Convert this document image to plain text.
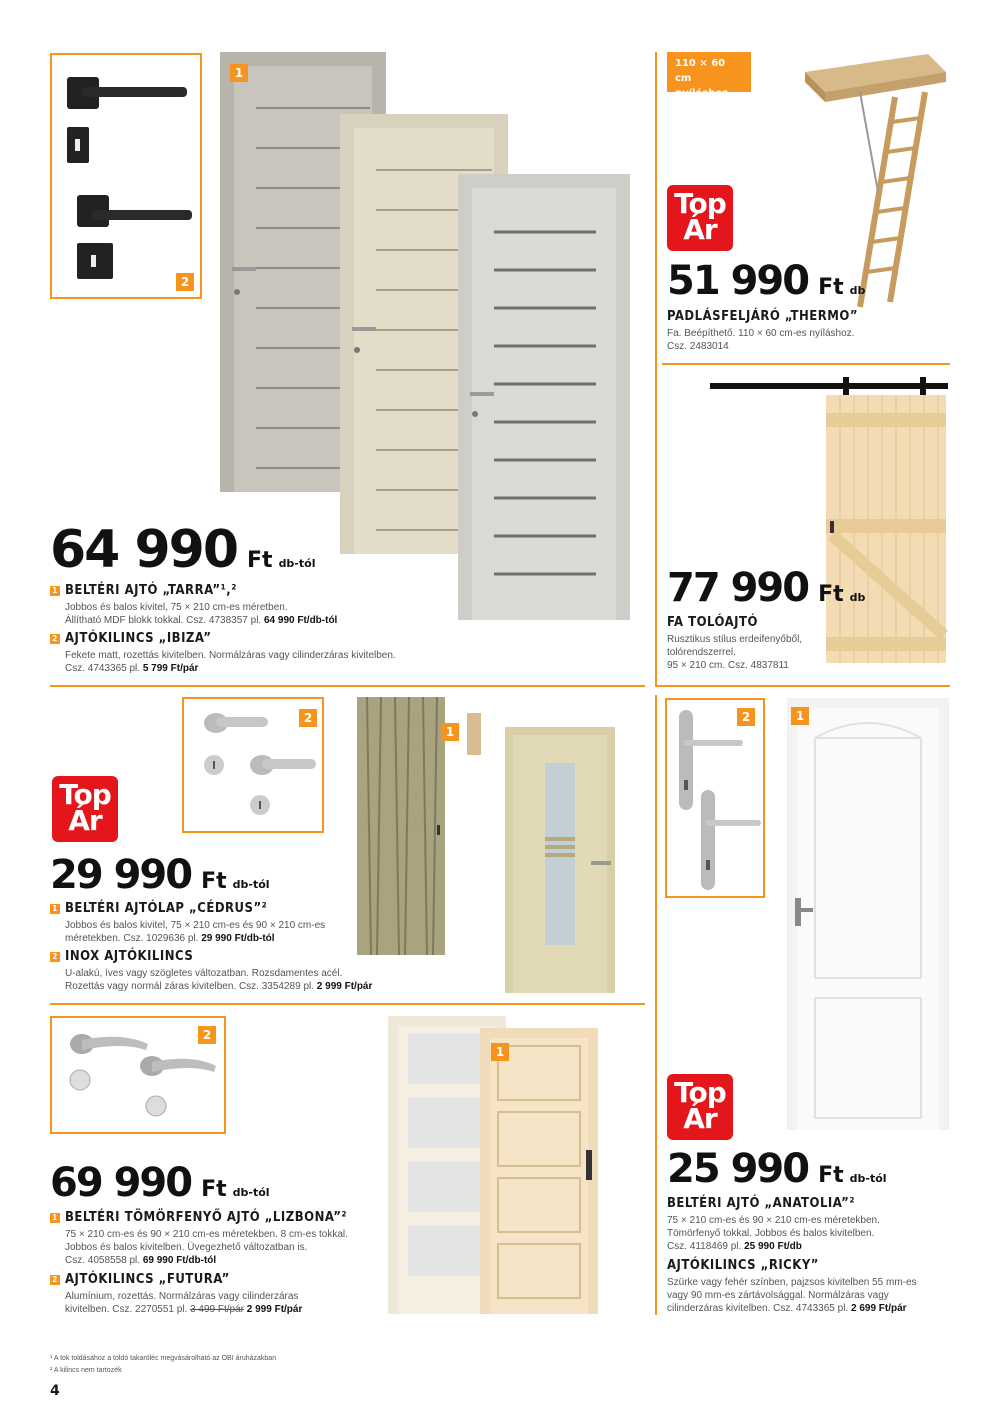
2
1
64 990 Ft db-tól
1 BELTÉRI AJTÓ „TARRA”¹,²
Jobbos és balos kivitel, 75 × 210 cm-es méretben.
Állítható MDF blokk tokkal. Csz. 4738357 pl. 64 990 Ft/db-tól
2 AJTÓKILINCS „IBIZA”
Fekete matt, rozettás kivitelben. Normálzáras vagy cilinderzáras kivitelben.
Csz. 4743365 pl. 5 799 Ft/pár
110 × 60 cm
nyíláshoz
Top
Ár
51 990 Ft db
PADLÁSFELJÁRÓ „THERMO”
Fa. Beépíthető. 110 × 60 cm-es nyíláshoz.
Csz. 2483014
77 990 Ft db
FA TOLÓAJTÓ
Rusztikus stílus erdeifenyőből,
tolórendszerrel.
95 × 210 cm. Csz. 4837811
2
1
Top
Ár
29 990 Ft db-tól
1 BELTÉRI AJTÓLAP „CÉDRUS”²
Jobbos és balos kivitel, 75 × 210 cm-es és 90 × 210 cm-es
méretekben. Csz. 1029636 pl. 29 990 Ft/db-tól
2 INOX AJTÓKILINCS
U-alakú, íves vagy szögletes változatban. Rozsdamentes acél.
Rozettás vagy normál záras kivitelben. Csz. 3354289 pl. 2 999 Ft/pár
2
1
69 990 Ft db-tól
1 BELTÉRI TÖMÖRFENYŐ AJTÓ „LIZBONA”²
75 × 210 cm-es és 90 × 210 cm-es méretekben. 8 cm-es tokkal.
Jobbos és balos kivitelben. Üvegezhető változatban is.
Csz. 4058558 pl. 69 990 Ft/db-tól
2 AJTÓKILINCS „FUTURA”
Alumínium, rozettás. Normálzáras vagy cilinderzáras
kivitelben. Csz. 2270551 pl. 3 499 Ft/pár 2 999 Ft/pár
2	1
Top
Ár
25 990 Ft db-tól
BELTÉRI AJTÓ „ANATOLIA”²
75 × 210 cm-es és 90 × 210 cm-es méretekben.
Tömörfenyő tokkal. Jobbos és balos kivitelben.
Csz. 4118469 pl. 25 990 Ft/db
AJTÓKILINCS „RICKY”
Szürke vagy fehér színben, pajzsos kivitelben 55 mm-es
vagy 90 mm-es zártávolsággal. Normálzáras vagy
cilinderzáras kivitelben. Csz. 4743365 pl. 2 699 Ft/pár
¹ A tok toldásához a toldó takaróléc megvásárolható az OBI áruházakban
² A kilincs nem tartozék
4
